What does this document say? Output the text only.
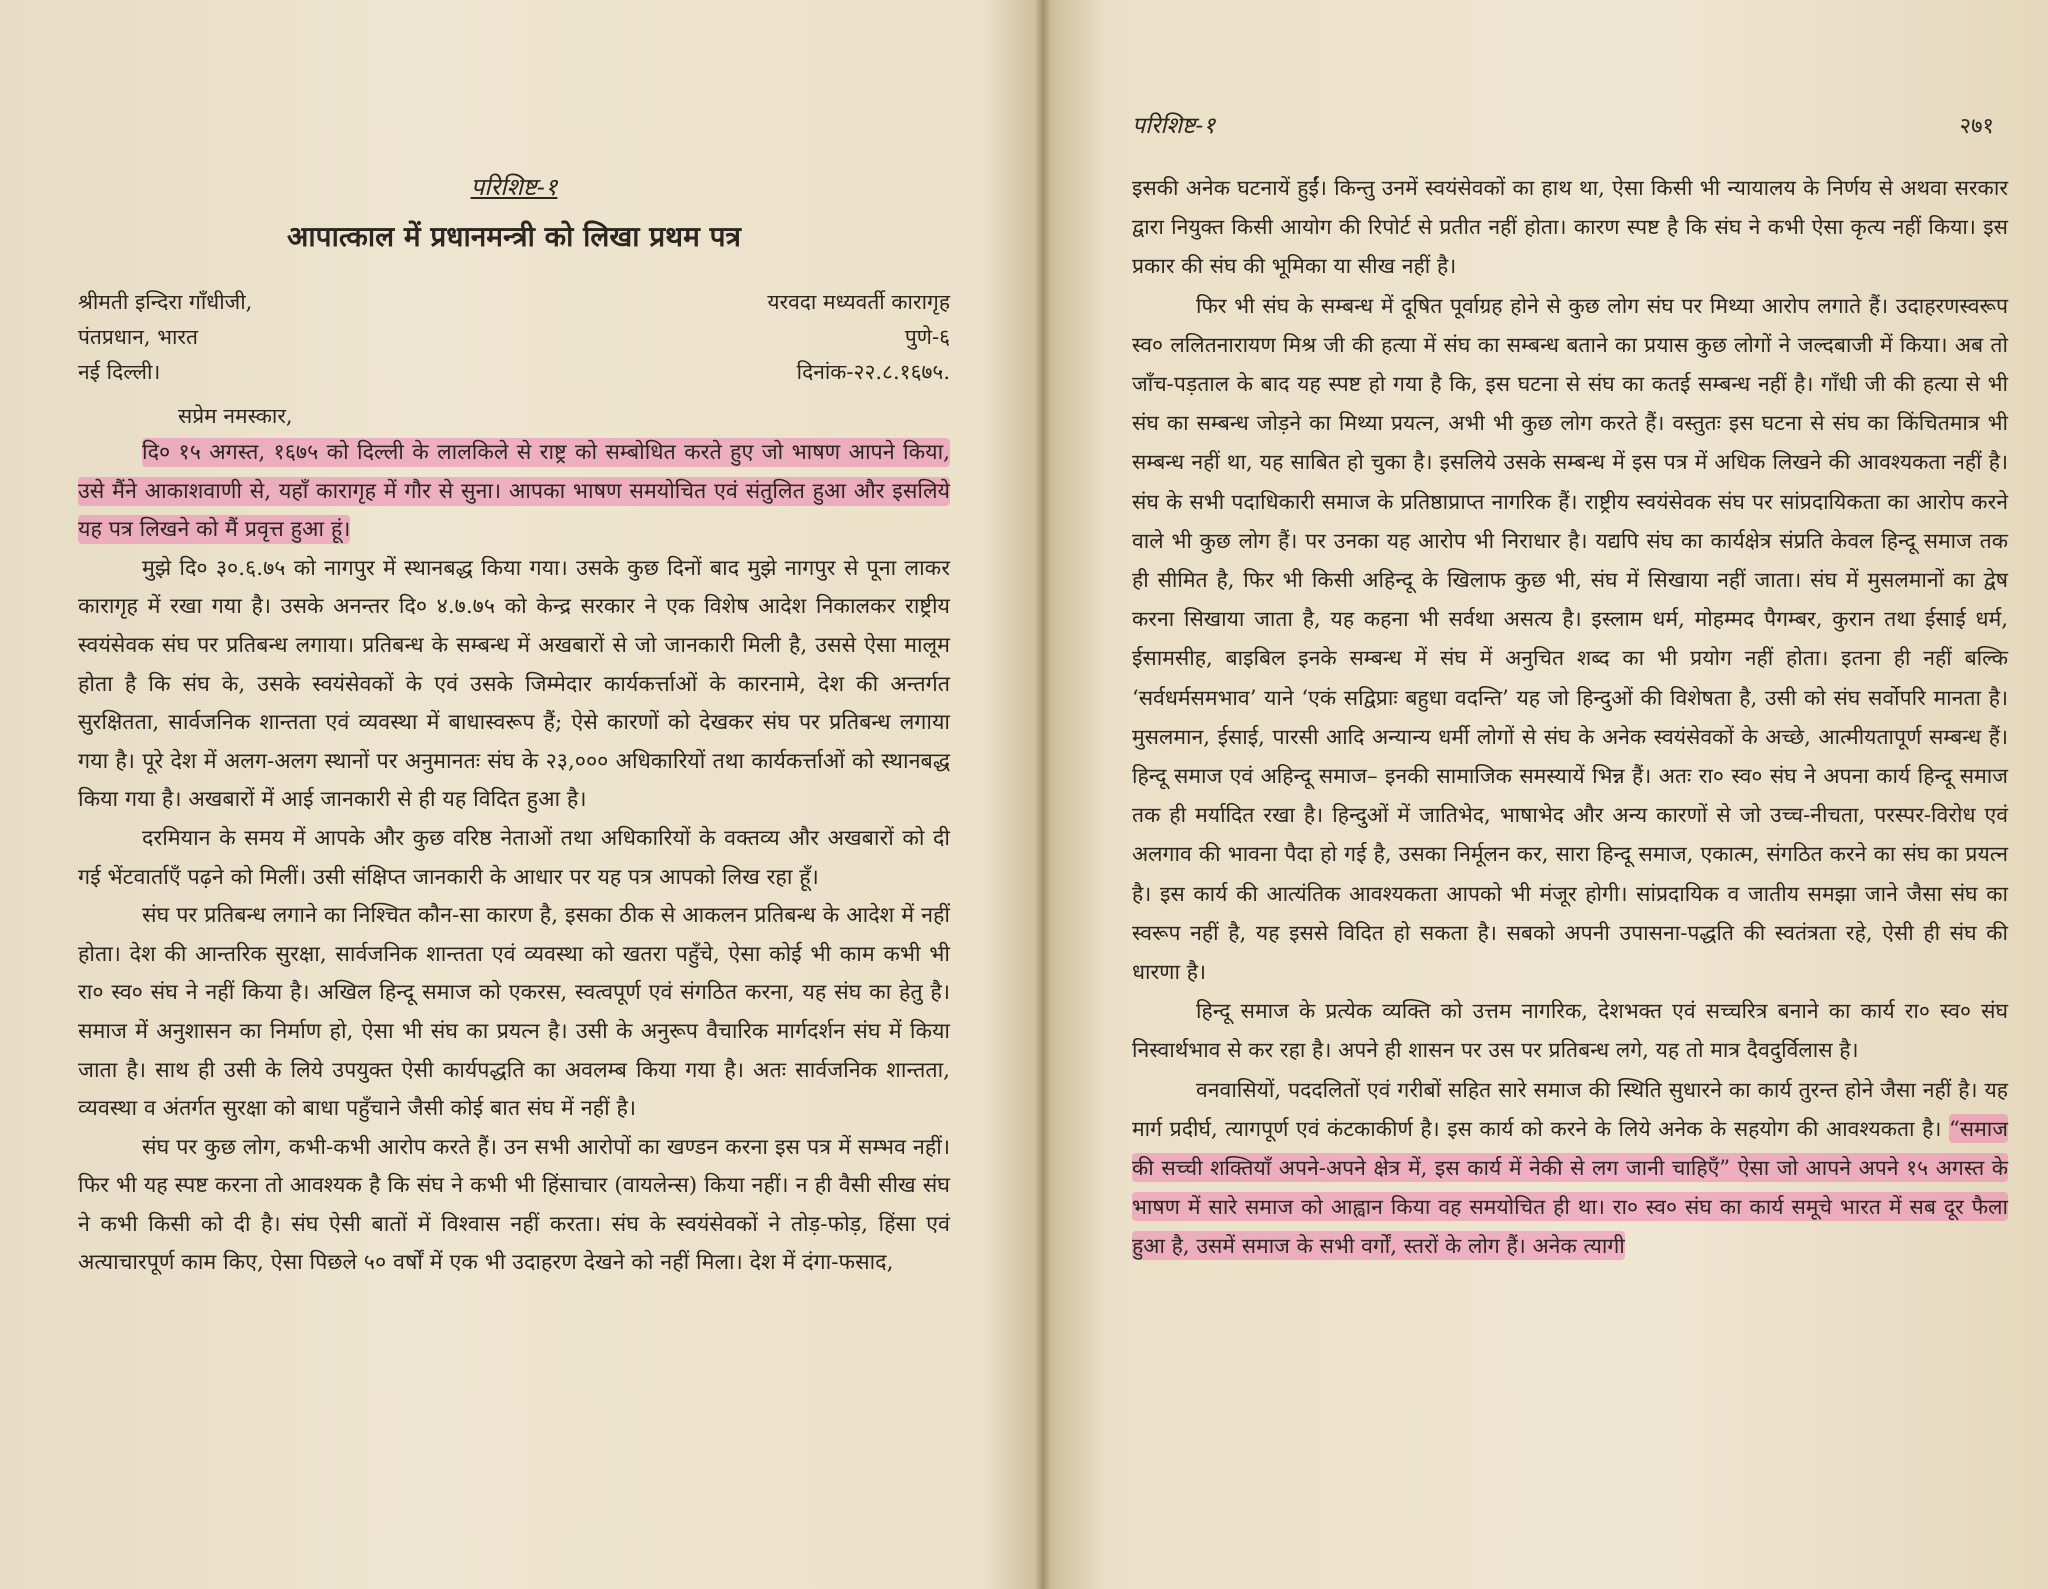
परिशिष्ट-१
आपात्काल में प्रधानमन्त्री को लिखा प्रथम पत्र
श्रीमती इन्दिरा गाँधीजी,
पंतप्रधान, भारत
नई दिल्ली।
यरवदा मध्यवर्ती कारागृह
पुणे-६
दिनांक-२२.८.१६७५.
सप्रेम नमस्कार,

दि० १५ अगस्त, १६७५ को दिल्ली के लालकिले से राष्ट्र को सम्बोधित करते हुए जो भाषण आपने किया, उसे मैंने आकाशवाणी से, यहाँ कारागृह में गौर से सुना। आपका भाषण समयोचित एवं संतुलित हुआ और इसलिये यह पत्र लिखने को मैं प्रवृत्त हुआ हूं।

मुझे दि० ३०.६.७५ को नागपुर में स्थानबद्ध किया गया। उसके कुछ दिनों बाद मुझे नागपुर से पूना लाकर कारागृह में रखा गया है। उसके अनन्तर दि० ४.७.७५ को केन्द्र सरकार ने एक विशेष आदेश निकालकर राष्ट्रीय स्वयंसेवक संघ पर प्रतिबन्ध लगाया। प्रतिबन्ध के सम्बन्ध में अखबारों से जो जानकारी मिली है, उससे ऐसा मालूम होता है कि संघ के, उसके स्वयंसेवकों के एवं उसके जिम्मेदार कार्यकर्त्ताओं के कारनामे, देश की अन्तर्गत सुरक्षितता, सार्वजनिक शान्तता एवं व्यवस्था में बाधास्वरूप हैं; ऐसे कारणों को देखकर संघ पर प्रतिबन्ध लगाया गया है। पूरे देश में अलग-अलग स्थानों पर अनुमानतः संघ के २३,००० अधिकारियों तथा कार्यकर्त्ताओं को स्थानबद्ध किया गया है। अखबारों में आई जानकारी से ही यह विदित हुआ है।

दरमियान के समय में आपके और कुछ वरिष्ठ नेताओं तथा अधिकारियों के वक्तव्य और अखबारों को दी गई भेंटवार्ताएँ पढ़ने को मिलीं। उसी संक्षिप्त जानकारी के आधार पर यह पत्र आपको लिख रहा हूँ।

संघ पर प्रतिबन्ध लगाने का निश्चित कौन-सा कारण है, इसका ठीक से आकलन प्रतिबन्ध के आदेश में नहीं होता। देश की आन्तरिक सुरक्षा, सार्वजनिक शान्तता एवं व्यवस्था को खतरा पहुँचे, ऐसा कोई भी काम कभी भी रा० स्व० संघ ने नहीं किया है। अखिल हिन्दू समाज को एकरस, स्वत्वपूर्ण एवं संगठित करना, यह संघ का हेतु है। समाज में अनुशासन का निर्माण हो, ऐसा भी संघ का प्रयत्न है। उसी के अनुरूप वैचारिक मार्गदर्शन संघ में किया जाता है। साथ ही उसी के लिये उपयुक्त ऐसी कार्यपद्धति का अवलम्ब किया गया है। अतः सार्वजनिक शान्तता, व्यवस्था व अंतर्गत सुरक्षा को बाधा पहुँचाने जैसी कोई बात संघ में नहीं है।

संघ पर कुछ लोग, कभी-कभी आरोप करते हैं। उन सभी आरोपों का खण्डन करना इस पत्र में सम्भव नहीं। फिर भी यह स्पष्ट करना तो आवश्यक है कि संघ ने कभी भी हिंसाचार (वायलेन्स) किया नहीं। न ही वैसी सीख संघ ने कभी किसी को दी है। संघ ऐसी बातों में विश्वास नहीं करता। संघ के स्वयंसेवकों ने तोड़-फोड़, हिंसा एवं अत्याचारपूर्ण काम किए, ऐसा पिछले ५० वर्षों में एक भी उदाहरण देखने को नहीं मिला। देश में दंगा-फसाद,

परिशिष्ट-१	२७१

इसकी अनेक घटनायें हुईं। किन्तु उनमें स्वयंसेवकों का हाथ था, ऐसा किसी भी न्यायालय के निर्णय से अथवा सरकार द्वारा नियुक्त किसी आयोग की रिपोर्ट से प्रतीत नहीं होता। कारण स्पष्ट है कि संघ ने कभी ऐसा कृत्य नहीं किया। इस प्रकार की संघ की भूमिका या सीख नहीं है।

फिर भी संघ के सम्बन्ध में दूषित पूर्वाग्रह होने से कुछ लोग संघ पर मिथ्या आरोप लगाते हैं। उदाहरणस्वरूप स्व० ललितनारायण मिश्र जी की हत्या में संघ का सम्बन्ध बताने का प्रयास कुछ लोगों ने जल्दबाजी में किया। अब तो जाँच-पड़ताल के बाद यह स्पष्ट हो गया है कि, इस घटना से संघ का कतई सम्बन्ध नहीं है। गाँधी जी की हत्या से भी संघ का सम्बन्ध जोड़ने का मिथ्या प्रयत्न, अभी भी कुछ लोग करते हैं। वस्तुतः इस घटना से संघ का किंचितमात्र भी सम्बन्ध नहीं था, यह साबित हो चुका है। इसलिये उसके सम्बन्ध में इस पत्र में अधिक लिखने की आवश्यकता नहीं है। संघ के सभी पदाधिकारी समाज के प्रतिष्ठाप्राप्त नागरिक हैं। राष्ट्रीय स्वयंसेवक संघ पर सांप्रदायिकता का आरोप करने वाले भी कुछ लोग हैं। पर उनका यह आरोप भी निराधार है। यद्यपि संघ का कार्यक्षेत्र संप्रति केवल हिन्दू समाज तक ही सीमित है, फिर भी किसी अहिन्दू के खिलाफ कुछ भी, संघ में सिखाया नहीं जाता। संघ में मुसलमानों का द्वेष करना सिखाया जाता है, यह कहना भी सर्वथा असत्य है। इस्लाम धर्म, मोहम्मद पैगम्बर, कुरान तथा ईसाई धर्म, ईसामसीह, बाइबिल इनके सम्बन्ध में संघ में अनुचित शब्द का भी प्रयोग नहीं होता। इतना ही नहीं बल्कि ‘सर्वधर्मसमभाव’ याने ‘एकं सद्विप्राः बहुधा वदन्ति’ यह जो हिन्दुओं की विशेषता है, उसी को संघ सर्वोपरि मानता है। मुसलमान, ईसाई, पारसी आदि अन्यान्य धर्मी लोगों से संघ के अनेक स्वयंसेवकों के अच्छे, आत्मीयतापूर्ण सम्बन्ध हैं। हिन्दू समाज एवं अहिन्दू समाज– इनकी सामाजिक समस्यायें भिन्न हैं। अतः रा० स्व० संघ ने अपना कार्य हिन्दू समाज तक ही मर्यादित रखा है। हिन्दुओं में जातिभेद, भाषाभेद और अन्य कारणों से जो उच्च-नीचता, परस्पर-विरोध एवं अलगाव की भावना पैदा हो गई है, उसका निर्मूलन कर, सारा हिन्दू समाज, एकात्म, संगठित करने का संघ का प्रयत्न है। इस कार्य की आत्यंतिक आवश्यकता आपको भी मंजूर होगी। सांप्रदायिक व जातीय समझा जाने जैसा संघ का स्वरूप नहीं है, यह इससे विदित हो सकता है। सबको अपनी उपासना-पद्धति की स्वतंत्रता रहे, ऐसी ही संघ की धारणा है।

हिन्दू समाज के प्रत्येक व्यक्ति को उत्तम नागरिक, देशभक्त एवं सच्चरित्र बनाने का कार्य रा० स्व० संघ निस्वार्थभाव से कर रहा है। अपने ही शासन पर उस पर प्रतिबन्ध लगे, यह तो मात्र दैवदुर्विलास है।

वनवासियों, पददलितों एवं गरीबों सहित सारे समाज की स्थिति सुधारने का कार्य तुरन्त होने जैसा नहीं है। यह मार्ग प्रदीर्घ, त्यागपूर्ण एवं कंटकाकीर्ण है। इस कार्य को करने के लिये अनेक के सहयोग की आवश्यकता है। “समाज की सच्ची शक्तियाँ अपने-अपने क्षेत्र में, इस कार्य में नेकी से लग जानी चाहिएँ” ऐसा जो आपने अपने १५ अगस्त के भाषण में सारे समाज को आह्वान किया वह समयोचित ही था। रा० स्व० संघ का कार्य समूचे भारत में सब दूर फैला हुआ है, उसमें समाज के सभी वर्गों, स्तरों के लोग हैं। अनेक त्यागी
